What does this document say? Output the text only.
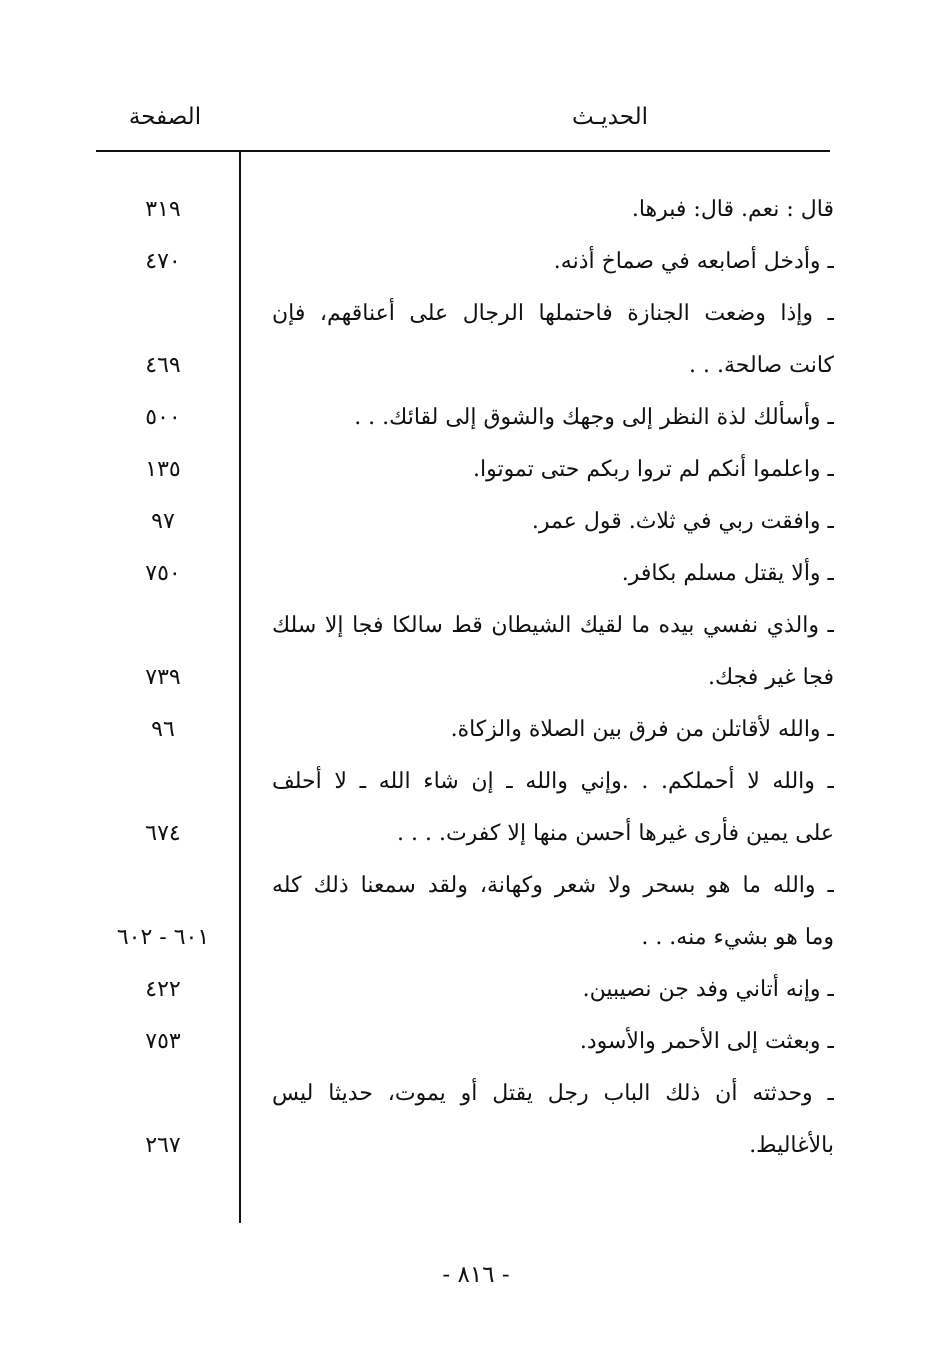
الحديـث
الصفحة
قال : نعم. قال: فبرها.
٣١٩
ـ وأدخل أصابعه في صماخ أذنه.
٤٧٠
ـ وإذا وضعت الجنازة فاحتملها الرجال على أعناقهم، فإن
كانت صالحة. . .
٤٦٩
ـ وأسألك لذة النظر إلى وجهك والشوق إلى لقائك. . .
٥٠٠
ـ واعلموا أنكم لم تروا ربكم حتى تموتوا.
١٣٥
ـ وافقت ربي في ثلاث. قول عمر.
٩٧
ـ وألا يقتل مسلم بكافر.
٧٥٠
ـ والذي نفسي بيده ما لقيك الشيطان قط سالكا فجا إلا سلك
فجا غير فجك.
٧٣٩
ـ والله لأقاتلن من فرق بين الصلاة والزكاة.
٩٦
ـ والله لا أحملكم. . .وإني والله ـ إن شاء الله ـ لا أحلف
على يمين فأرى غيرها أحسن منها إلا كفرت. . . .
٦٧٤
ـ والله ما هو بسحر ولا شعر وكهانة، ولقد سمعنا ذلك كله
وما هو بشيء منه. . .
٦٠١ - ٦٠٢
ـ وإنه أتاني وفد جن نصيبين.
٤٢٢
ـ وبعثت إلى الأحمر والأسود.
٧٥٣
ـ وحدثته أن ذلك الباب رجل يقتل أو يموت، حديثا ليس
بالأغاليط.
٢٦٧
- ٨١٦ -
